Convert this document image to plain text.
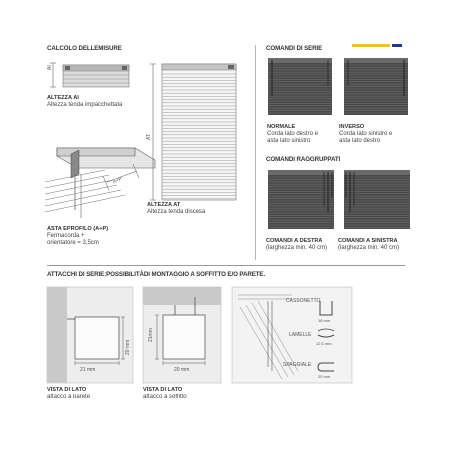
CALCOLO DELLEMISURE	COMANDI DI SERIE
AI
ALTEZZA AI
Altezza tenda impacchettata
A+P
ASTA EPROFILO (A+P)
Fermacorda +
orientatore = 3,5cm
AT
ALTEZZA AT
Altezza tenda discesa
NORMALE
Corda lato destro e
asta lato sinistro
INVERSO
Corda lato sinistro e
asta lato destro
COMANDI RAGGRUPPATI
COMANDI A DESTRA
(larghezza min. 40 cm)
COMANDI A SINISTRA
(larghezza min. 40 cm)
ATTACCHI DI SERIE:POSSIBILITÀDI MONTAGGIO A SOFFITTO E/O PARETE.
21 mm
20 mm
VISTA DI LATO
attacco a parete
20 mm
21mm
VISTA DI LATO
attacco a soffitto
CASSONETTO
18 mm
LAMELLE
12,5 mm
SPAGGIALE
20 mm
